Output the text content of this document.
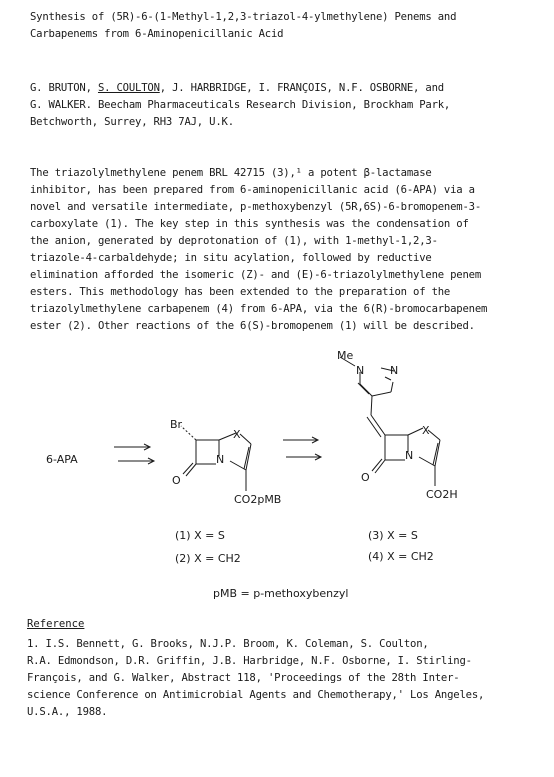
Synthesis of (5R)-6-(1-Methyl-1,2,3-triazol-4-ylmethylene) Penems and
Carbapenems from 6-Aminopenicillanic Acid
G. BRUTON, S. COULTON, J. HARBRIDGE, I. FRANÇOIS, N.F. OSBORNE, and
G. WALKER. Beecham Pharmaceuticals Research Division, Brockham Park,
Betchworth, Surrey, RH3 7AJ, U.K.
The triazolylmethylene penem BRL 42715 (3),¹ a potent β-lactamase
inhibitor, has been prepared from 6-aminopenicillanic acid (6-APA) via a
novel and versatile intermediate, p-methoxybenzyl (5R,6S)-6-bromopenem-3-
carboxylate (1). The key step in this synthesis was the condensation of
the anion, generated by deprotonation of (1), with 1-methyl-1,2,3-
triazole-4-carbaldehyde; in situ acylation, followed by reductive
elimination afforded the isomeric (Z)- and (E)-6-triazolylmethylene penem
esters. This methodology has been extended to the preparation of the
triazolylmethylene carbapenem (4) from 6-APA, via the 6(R)-bromocarbapenem
ester (2). Other reactions of the 6(S)-bromopenem (1) will be described.
6-APA
Br
X
N
O
CO2pMB
Me
N N
X
N
O
CO2H
(1) X = S
(2) X = CH2
(3) X = S
(4) X = CH2
pMB = p-methoxybenzyl
Reference
1. I.S. Bennett, G. Brooks, N.J.P. Broom, K. Coleman, S. Coulton,
R.A. Edmondson, D.R. Griffin, J.B. Harbridge, N.F. Osborne, I. Stirling-
François, and G. Walker, Abstract 118, 'Proceedings of the 28th Inter-
science Conference on Antimicrobial Agents and Chemotherapy,' Los Angeles,
U.S.A., 1988.
